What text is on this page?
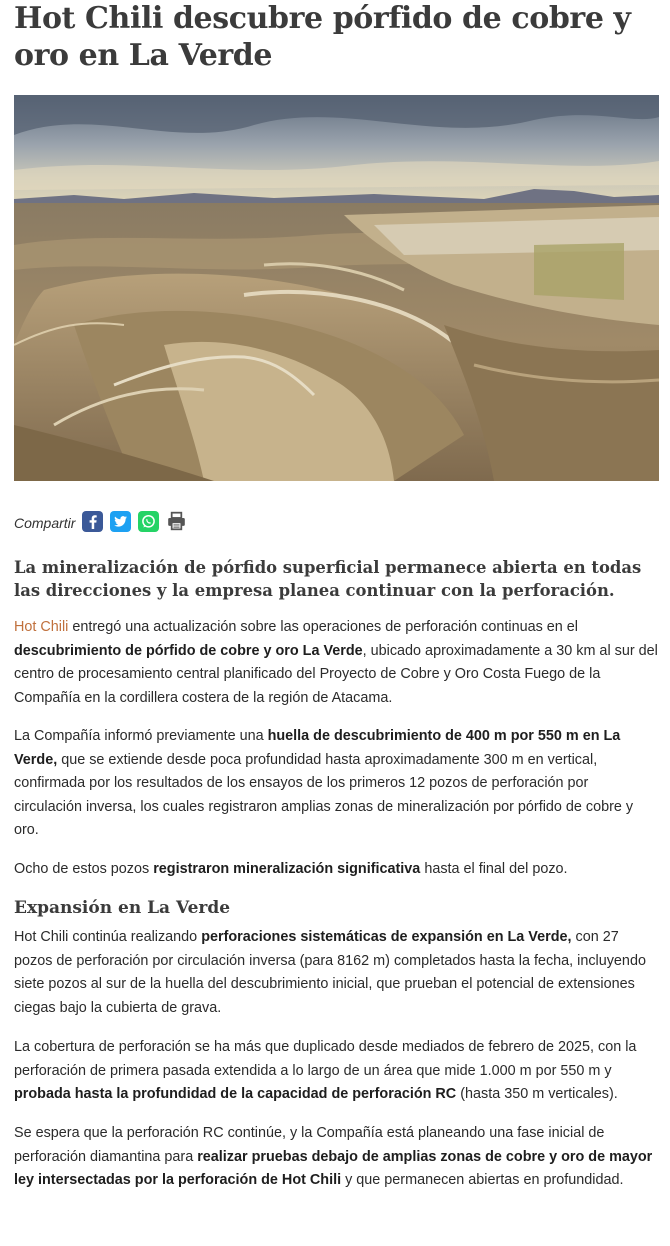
Hot Chili descubre pórfido de cobre y oro en La Verde
Compartir

La mineralización de pórfido superficial permanece abierta en todas las direcciones y la empresa planea continuar con la perforación.

Hot Chili entregó una actualización sobre las operaciones de perforación continuas en el descubrimiento de pórfido de cobre y oro La Verde, ubicado aproximadamente a 30 km al sur del centro de procesamiento central planificado del Proyecto de Cobre y Oro Costa Fuego de la Compañía en la cordillera costera de la región de Atacama.

La Compañía informó previamente una huella de descubrimiento de 400 m por 550 m en La Verde, que se extiende desde poca profundidad hasta aproximadamente 300 m en vertical, confirmada por los resultados de los ensayos de los primeros 12 pozos de perforación por circulación inversa, los cuales registraron amplias zonas de mineralización por pórfido de cobre y oro.

Ocho de estos pozos registraron mineralización significativa hasta el final del pozo.

Expansión en La Verde

Hot Chili continúa realizando perforaciones sistemáticas de expansión en La Verde, con 27 pozos de perforación por circulación inversa (para 8162 m) completados hasta la fecha, incluyendo siete pozos al sur de la huella del descubrimiento inicial, que prueban el potencial de extensiones ciegas bajo la cubierta de grava.

La cobertura de perforación se ha más que duplicado desde mediados de febrero de 2025, con la perforación de primera pasada extendida a lo largo de un área que mide 1.000 m por 550 m y probada hasta la profundidad de la capacidad de perforación RC (hasta 350 m verticales).

Se espera que la perforación RC continúe, y la Compañía está planeando una fase inicial de perforación diamantina para realizar pruebas debajo de amplias zonas de cobre y oro de mayor ley intersectadas por la perforación de Hot Chili y que permanecen abiertas en profundidad.
